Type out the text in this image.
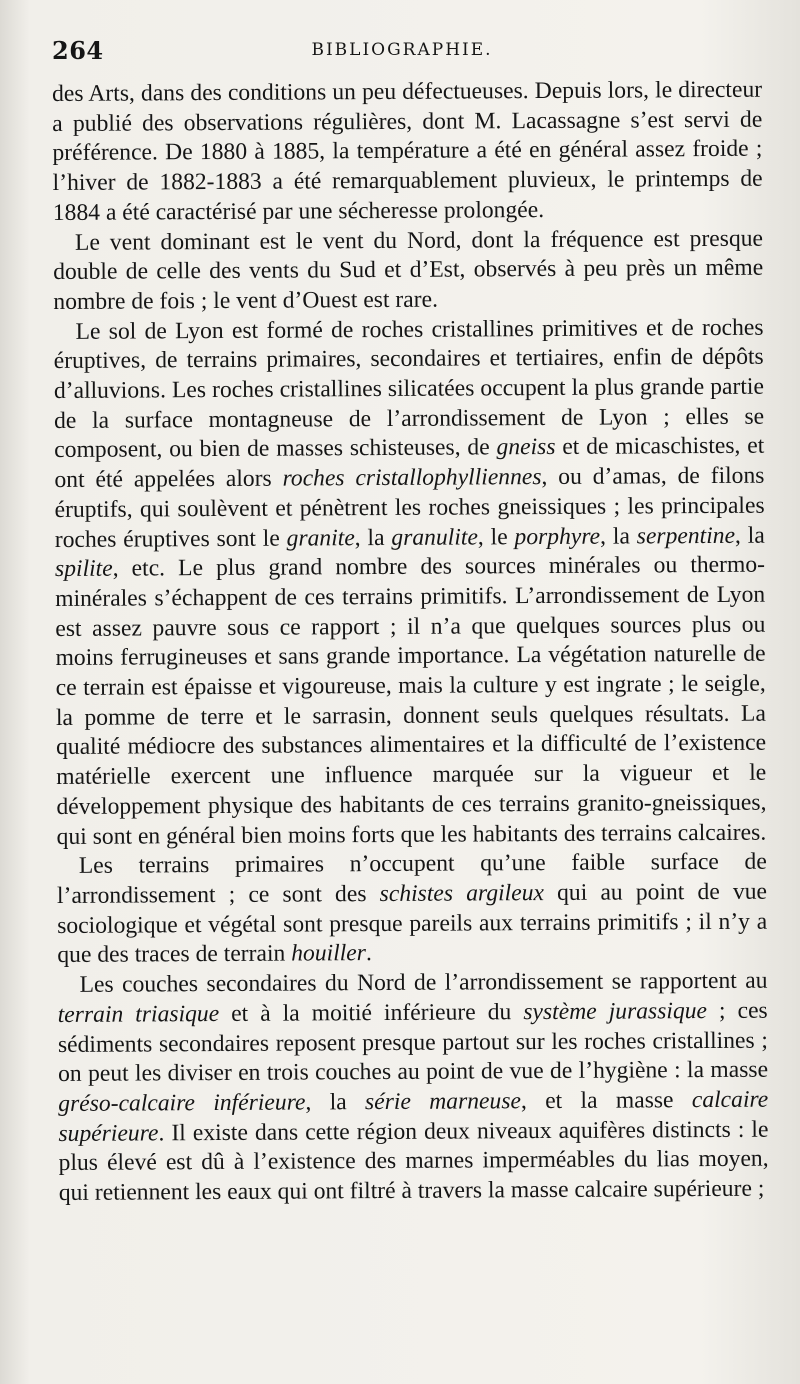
264	BIBLIOGRAPHIE.

des Arts, dans des conditions un peu défectueuses. Depuis lors, le directeur a publié des observations régulières, dont M. Lacassagne s’est servi de préférence. De 1880 à 1885, la température a été en général assez froide ; l’hiver de 1882-1883 a été remarquablement pluvieux, le printemps de 1884 a été caractérisé par une sécheresse prolongée.

Le vent dominant est le vent du Nord, dont la fréquence est presque double de celle des vents du Sud et d’Est, observés à peu près un même nombre de fois ; le vent d’Ouest est rare.

Le sol de Lyon est formé de roches cristallines primitives et de roches éruptives, de terrains primaires, secondaires et tertiaires, enfin de dépôts d’alluvions. Les roches cristallines silicatées occupent la plus grande partie de la surface montagneuse de l’arrondissement de Lyon ; elles se composent, ou bien de masses schisteuses, de gneiss et de micaschistes, et ont été appelées alors roches cristallophylliennes, ou d’amas, de filons éruptifs, qui soulèvent et pénètrent les roches gneissiques ; les principales roches éruptives sont le granite, la granulite, le porphyre, la serpentine, la spilite, etc. Le plus grand nombre des sources minérales ou thermo-minérales s’échappent de ces terrains primitifs. L’arrondissement de Lyon est assez pauvre sous ce rapport ; il n’a que quelques sources plus ou moins ferrugineuses et sans grande importance. La végétation naturelle de ce terrain est épaisse et vigoureuse, mais la culture y est ingrate ; le seigle, la pomme de terre et le sarrasin, donnent seuls quelques résultats. La qualité médiocre des substances alimentaires et la difficulté de l’existence matérielle exercent une influence marquée sur la vigueur et le développement physique des habitants de ces terrains granito-gneissiques, qui sont en général bien moins forts que les habitants des terrains calcaires.

Les terrains primaires n’occupent qu’une faible surface de l’arrondissement ; ce sont des schistes argileux qui au point de vue sociologique et végétal sont presque pareils aux terrains primitifs ; il n’y a que des traces de terrain houiller.

Les couches secondaires du Nord de l’arrondissement se rapportent au terrain triasique et à la moitié inférieure du système jurassique ; ces sédiments secondaires reposent presque partout sur les roches cristallines ; on peut les diviser en trois couches au point de vue de l’hygiène : la masse gréso-calcaire inférieure, la série marneuse, et la masse calcaire supérieure. Il existe dans cette région deux niveaux aquifères distincts : le plus élevé est dû à l’existence des marnes imperméables du lias moyen, qui retiennent les eaux qui ont filtré à travers la masse calcaire supérieure ;
